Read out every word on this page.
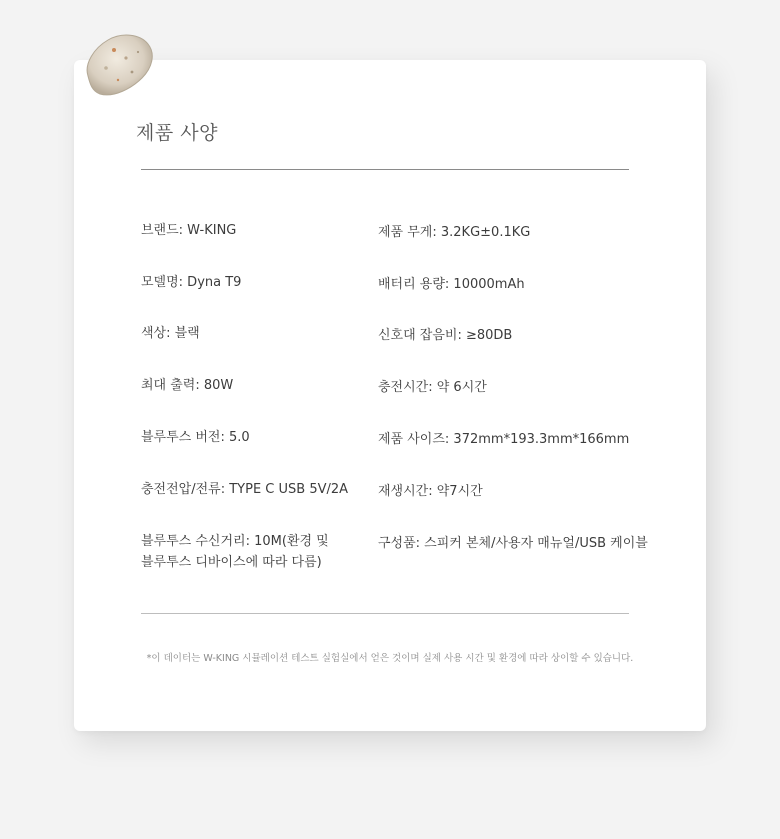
제품 사양
브랜드: W-KING
모델명: Dyna T9
색상: 블랙
최대 출력: 80W
블루투스 버전: 5.0
충전전압/전류: TYPE C USB 5V/2A
블루투스 수신거리: 10M(환경 및
블루투스 디바이스에 따라 다름)
제품 무게: 3.2KG±0.1KG
배터리 용량: 10000mAh
신호대 잡음비: ≥80DB
충전시간: 약 6시간
제품 사이즈: 372mm*193.3mm*166mm
재생시간: 약7시간
구성품: 스피커 본체/사용자 매뉴얼/USB 케이블
*이 데이터는 W-KING 시뮬레이션 테스트 실험실에서 얻은 것이며 실제 사용 시간 및 환경에 따라 상이할 수 있습니다.
